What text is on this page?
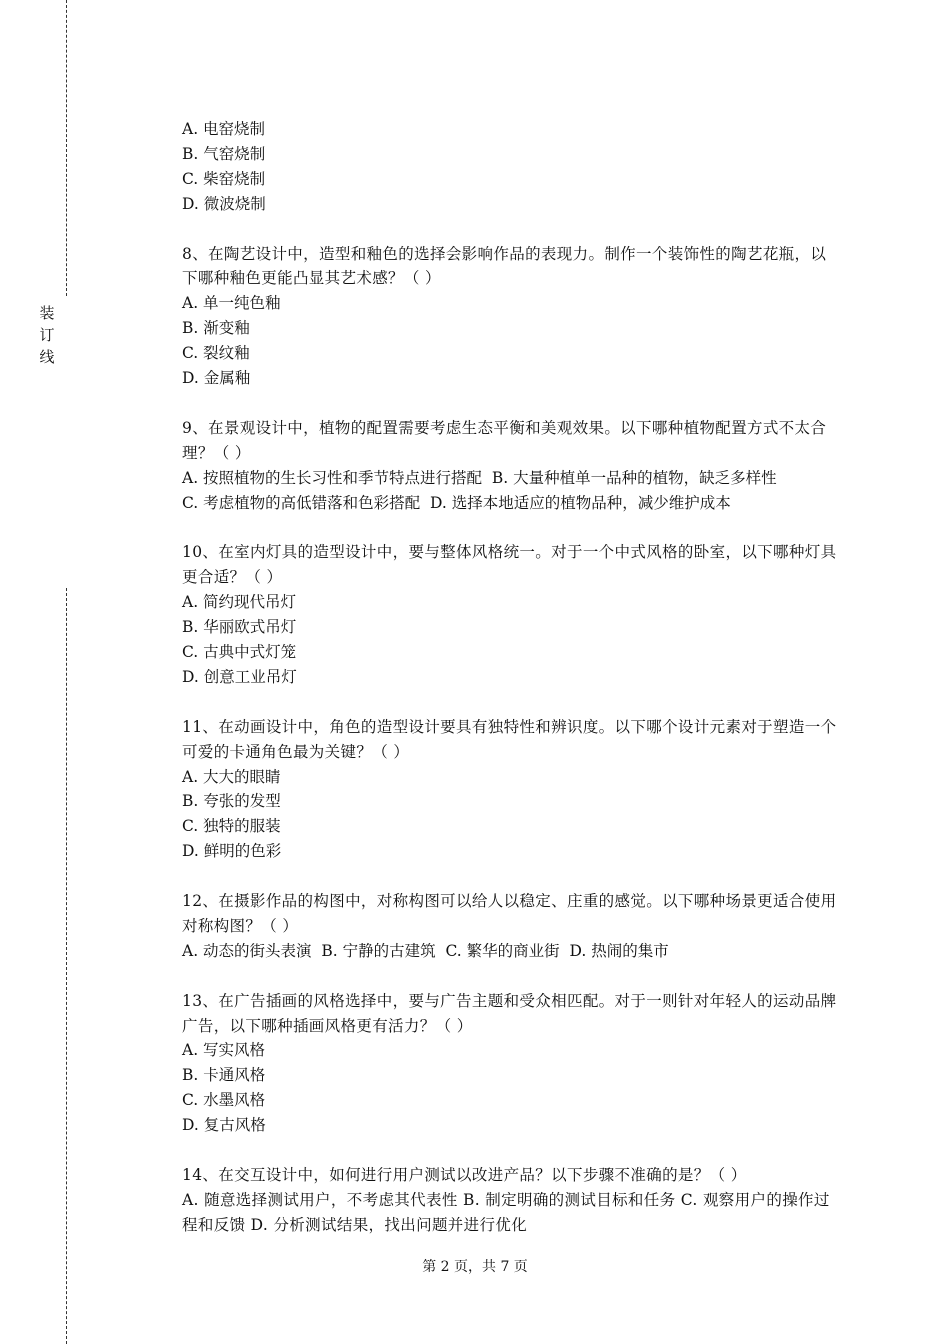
装
订
线
A. 电窑烧制
B. 气窑烧制
C. 柴窑烧制
D. 微波烧制
8、在陶艺设计中，造型和釉色的选择会影响作品的表现力。制作一个装饰性的陶艺花瓶，以下哪种釉色更能凸显其艺术感？（ ）
A. 单一纯色釉
B. 渐变釉
C. 裂纹釉
D. 金属釉
9、在景观设计中，植物的配置需要考虑生态平衡和美观效果。以下哪种植物配置方式不太合理？（ ）
A. 按照植物的生长习性和季节特点进行搭配  B. 大量种植单一品种的植物，缺乏多样性
C. 考虑植物的高低错落和色彩搭配  D. 选择本地适应的植物品种，减少维护成本
10、在室内灯具的造型设计中，要与整体风格统一。对于一个中式风格的卧室，以下哪种灯具更合适？（ ）
A. 简约现代吊灯
B. 华丽欧式吊灯
C. 古典中式灯笼
D. 创意工业吊灯
11、在动画设计中，角色的造型设计要具有独特性和辨识度。以下哪个设计元素对于塑造一个可爱的卡通角色最为关键？（ ）
A. 大大的眼睛
B. 夸张的发型
C. 独特的服装
D. 鲜明的色彩
12、在摄影作品的构图中，对称构图可以给人以稳定、庄重的感觉。以下哪种场景更适合使用对称构图？（ ）
A. 动态的街头表演  B. 宁静的古建筑  C. 繁华的商业街  D. 热闹的集市
13、在广告插画的风格选择中，要与广告主题和受众相匹配。对于一则针对年轻人的运动品牌广告，以下哪种插画风格更有活力？（ ）
A. 写实风格
B. 卡通风格
C. 水墨风格
D. 复古风格
14、在交互设计中，如何进行用户测试以改进产品？以下步骤不准确的是？（ ）
A. 随意选择测试用户，不考虑其代表性 B. 制定明确的测试目标和任务 C. 观察用户的操作过程和反馈 D. 分析测试结果，找出问题并进行优化
第 2 页，共 7 页
